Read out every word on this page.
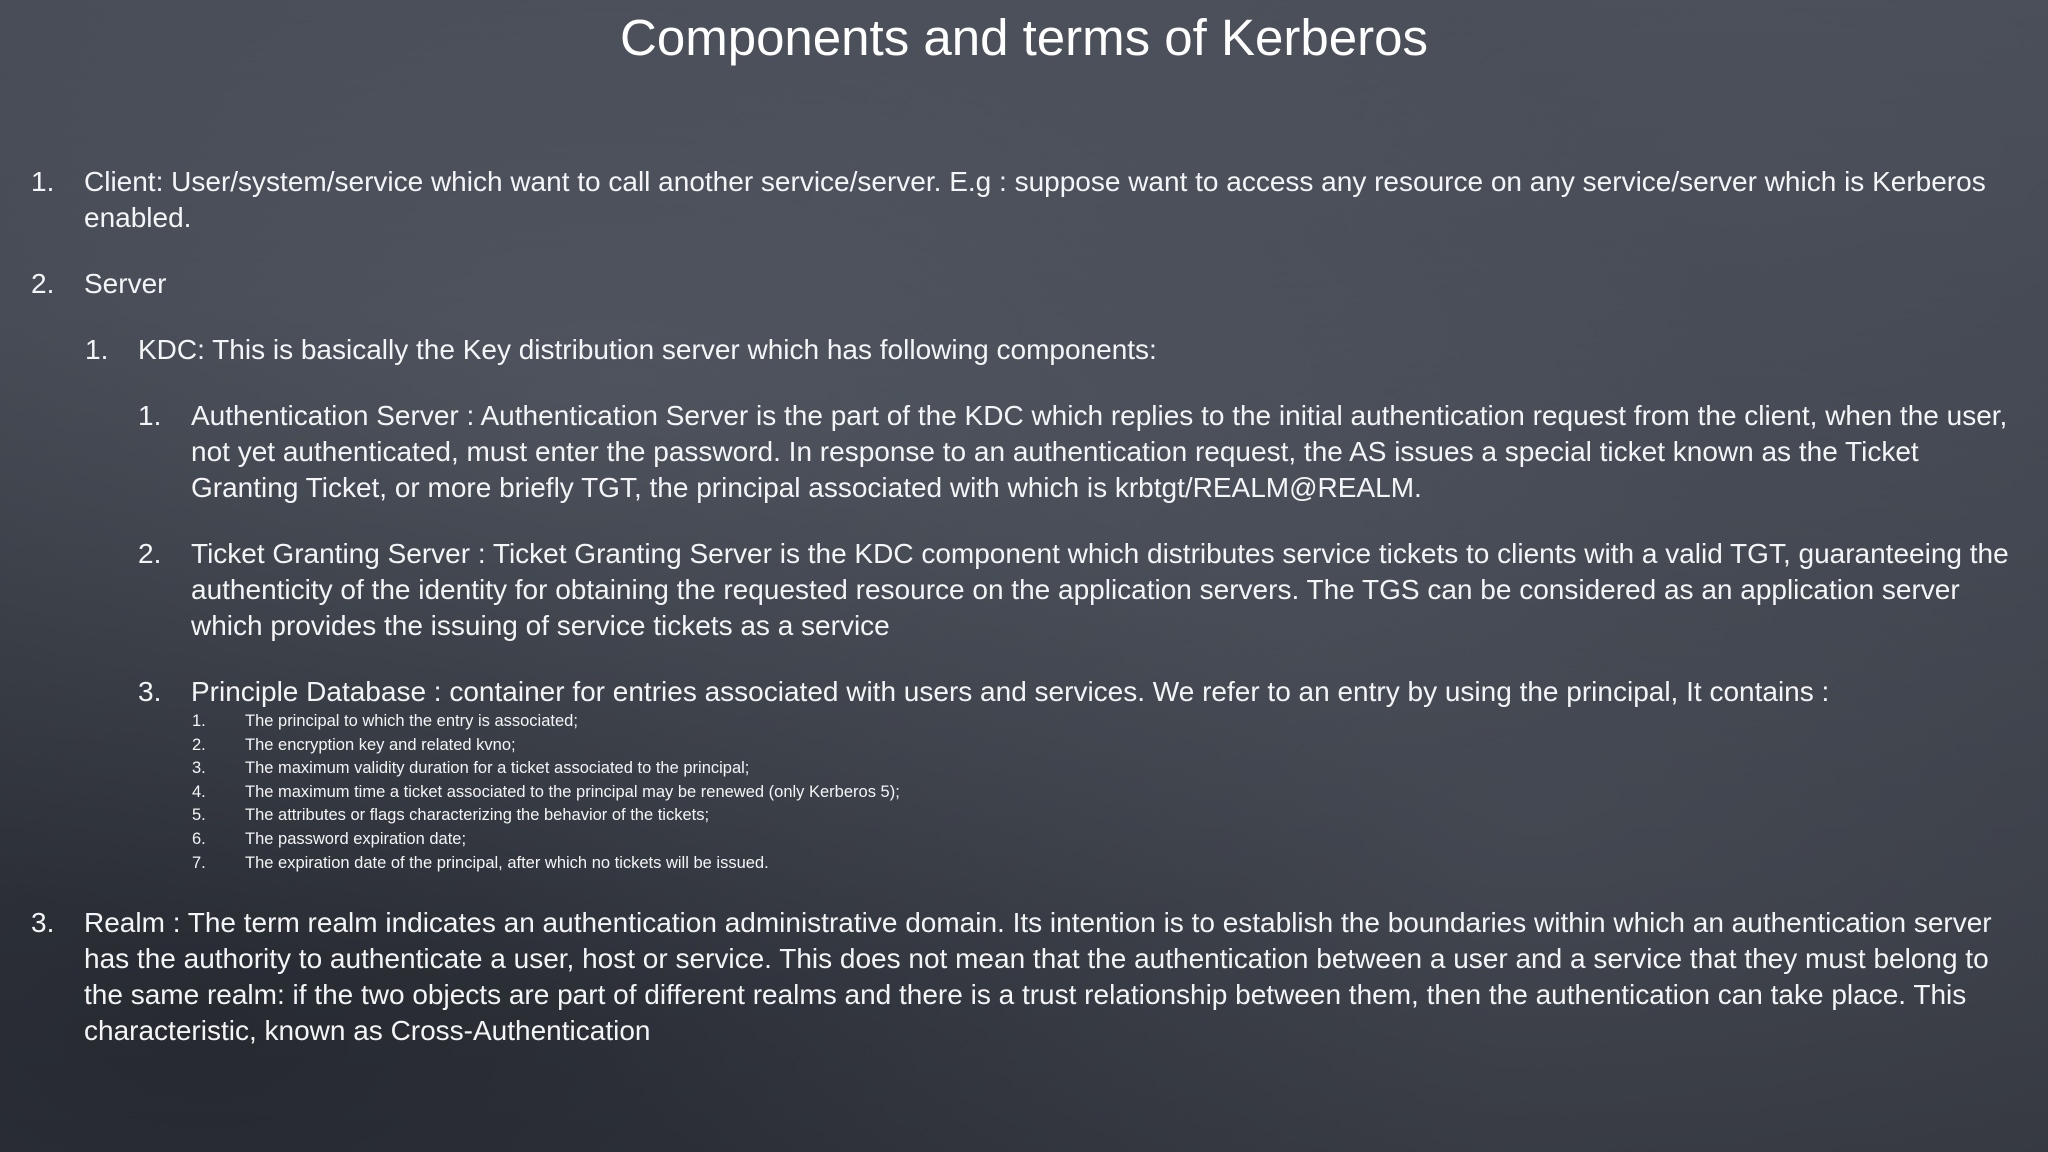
Components and terms of Kerberos
1. Client: User/system/service which want to call another service/server. E.g : suppose want to access any resource on any service/server which is Kerberos enabled.
2. Server
1. KDC: This is basically the Key distribution server which has following components:
1. Authentication Server : Authentication Server is the part of the KDC which replies to the initial authentication request from the client, when the user, not yet authenticated, must enter the password. In response to an authentication request, the AS issues a special ticket known as the Ticket Granting Ticket, or more briefly TGT, the principal associated with which is krbtgt/REALM@REALM.
2. Ticket Granting Server : Ticket Granting Server is the KDC component which distributes service tickets to clients with a valid TGT, guaranteeing the authenticity of the identity for obtaining the requested resource on the application servers. The TGS can be considered as an application server which provides the issuing of service tickets as a service
3. Principle Database : container for entries associated with users and services. We refer to an entry by using the principal, It contains :
1. The principal to which the entry is associated;
2. The encryption key and related kvno;
3. The maximum validity duration for a ticket associated to the principal;
4. The maximum time a ticket associated to the principal may be renewed (only Kerberos 5);
5. The attributes or flags characterizing the behavior of the tickets;
6. The password expiration date;
7. The expiration date of the principal, after which no tickets will be issued.
3. Realm : The term realm indicates an authentication administrative domain. Its intention is to establish the boundaries within which an authentication server has the authority to authenticate a user, host or service. This does not mean that the authentication between a user and a service that they must belong to the same realm: if the two objects are part of different realms and there is a trust relationship between them, then the authentication can take place. This characteristic, known as Cross-Authentication
